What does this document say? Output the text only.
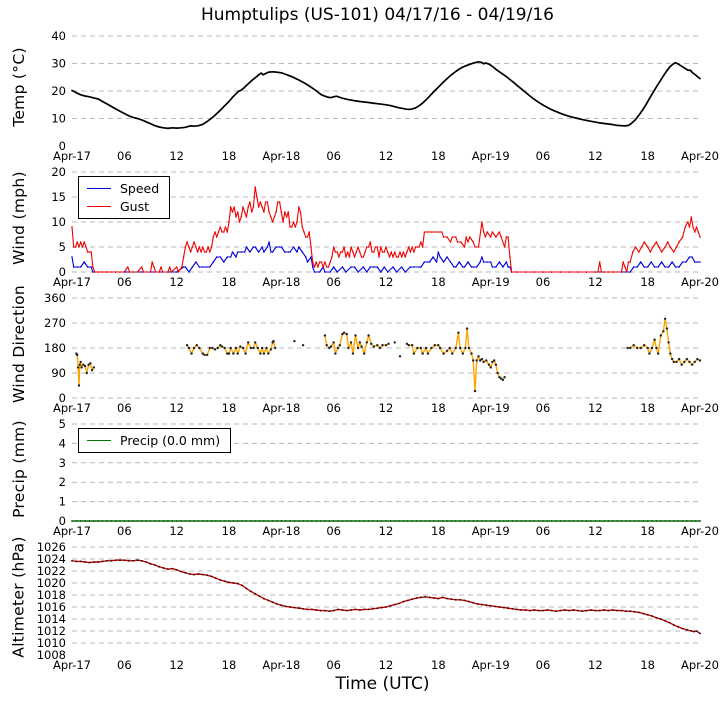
Humptulips (US-101) 04/17/16 - 04/19/16
Temp (°C)
0
10
20
30
40
Apr-17 06	12	18 Apr-18 06	12	18 Apr-19 06	12	18 Apr-20
Wind (mph)	Speed
Gust
0
5
10
15
20
Apr-17 06	12	18 Apr-18 06	12	18 Apr-19 06	12	18 Apr-20
Wind Direction	0
90
180
270
360
Apr-17 06	12	18 Apr-18 06	12	18 Apr-19 06	12	18 Apr-20
Precip (mm)	Precip (0.0 mm)
0
1
2
3
4
5
Apr-17 06	12	18 Apr-18 06	12	18 Apr-19 06	12	18 Apr-20
Altimeter (hPa) 1008
1010
1012
1014
1016
1018
1020
1022
1024
1026
Apr-17 06	12	18 Apr-18 06	12	18 Apr-19 06	12	18 Apr-20
Time (UTC)
